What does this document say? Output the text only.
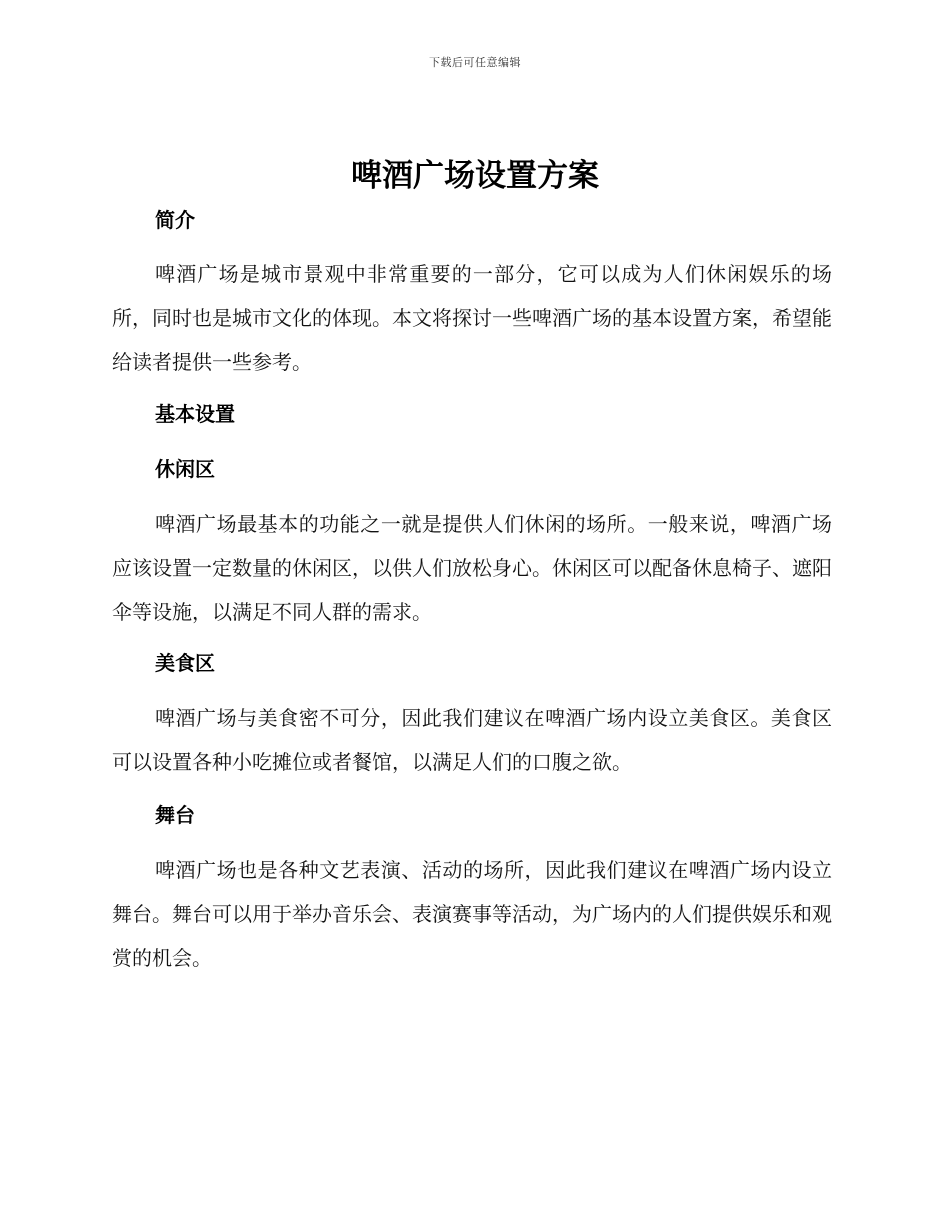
下载后可任意编辑
啤酒广场设置方案
简介

啤酒广场是城市景观中非常重要的一部分，它可以成为人们休闲娱乐的场所，同时也是城市文化的体现。本文将探讨一些啤酒广场的基本设置方案，希望能给读者提供一些参考。

基本设置
休闲区

啤酒广场最基本的功能之一就是提供人们休闲的场所。一般来说，啤酒广场应该设置一定数量的休闲区，以供人们放松身心。休闲区可以配备休息椅子、遮阳伞等设施，以满足不同人群的需求。

美食区

啤酒广场与美食密不可分，因此我们建议在啤酒广场内设立美食区。美食区可以设置各种小吃摊位或者餐馆，以满足人们的口腹之欲。

舞台

啤酒广场也是各种文艺表演、活动的场所，因此我们建议在啤酒广场内设立舞台。舞台可以用于举办音乐会、表演赛事等活动，为广场内的人们提供娱乐和观赏的机会。
